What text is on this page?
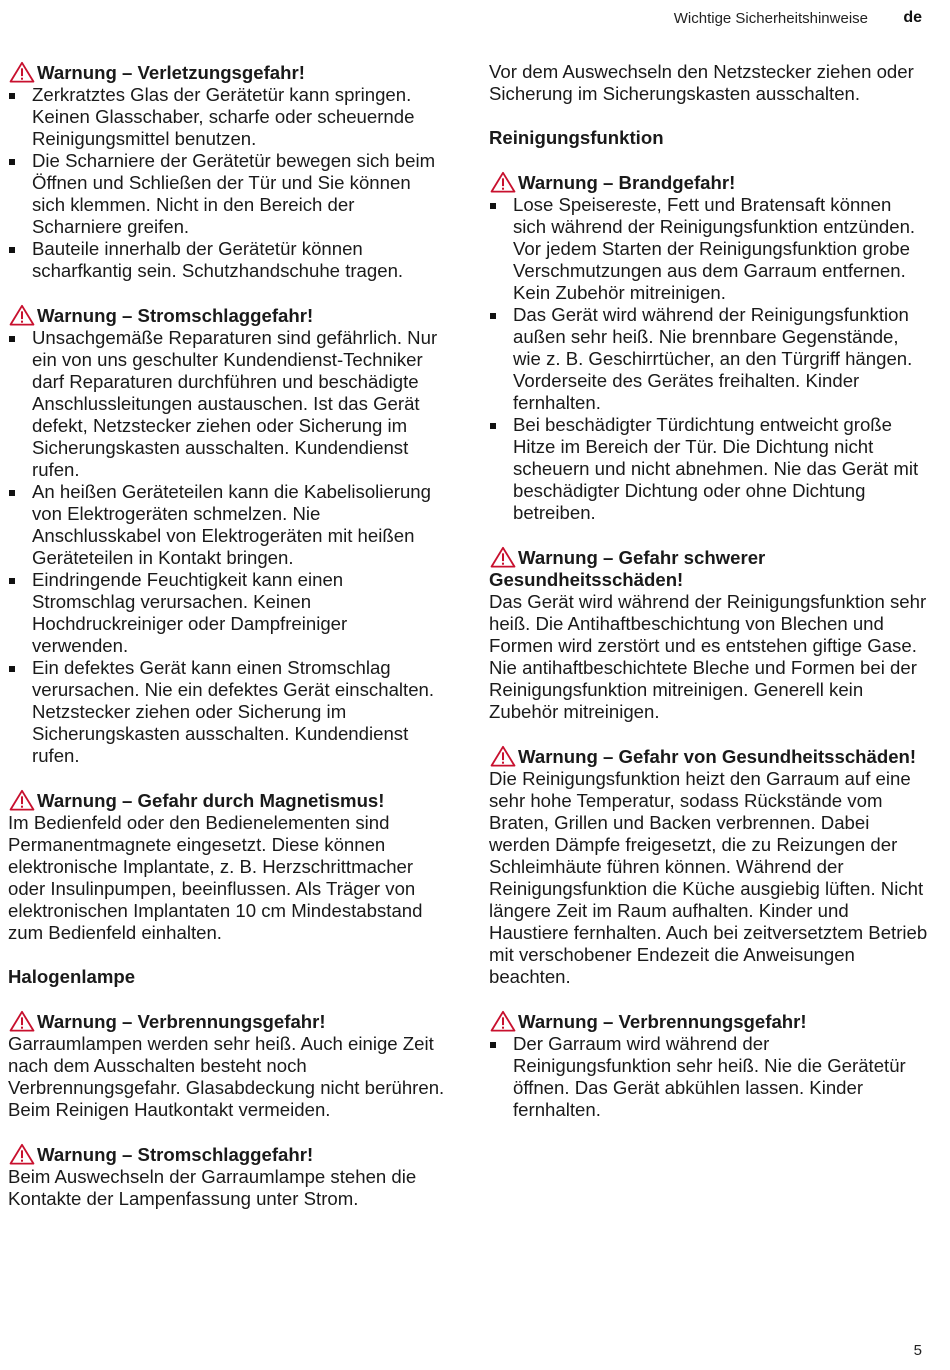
Wichtige Sicherheitshinweise de
Warnung – Verletzungsgefahr!
Zerkratztes Glas der Gerätetür kann springen. Keinen Glasschaber, scharfe oder scheuernde Reinigungsmittel benutzen.
Die Scharniere der Gerätetür bewegen sich beim Öffnen und Schließen der Tür und Sie können sich klemmen. Nicht in den Bereich der Scharniere greifen.
Bauteile innerhalb der Gerätetür können scharfkantig sein. Schutzhandschuhe tragen.
Warnung – Stromschlaggefahr!
Unsachgemäße Reparaturen sind gefährlich. Nur ein von uns geschulter Kundendienst-Techniker darf Reparaturen durchführen und beschädigte Anschlussleitungen austauschen. Ist das Gerät defekt, Netzstecker ziehen oder Sicherung im Sicherungskasten ausschalten. Kundendienst rufen.
An heißen Geräteteilen kann die Kabelisolierung von Elektrogeräten schmelzen. Nie Anschlusskabel von Elektrogeräten mit heißen Geräteteilen in Kontakt bringen.
Eindringende Feuchtigkeit kann einen Stromschlag verursachen. Keinen Hochdruckreiniger oder Dampfreiniger verwenden.
Ein defektes Gerät kann einen Stromschlag verursachen. Nie ein defektes Gerät einschalten. Netzstecker ziehen oder Sicherung im Sicherungskasten ausschalten. Kundendienst rufen.
Warnung – Gefahr durch Magnetismus!

Im Bedienfeld oder den Bedienelementen sind Permanentmagnete eingesetzt. Diese können elektronische Implantate, z. B. Herzschrittmacher oder Insulinpumpen, beeinflussen. Als Träger von elektronischen Implantaten 10 cm Mindestabstand zum Bedienfeld einhalten.

Halogenlampe
Warnung – Verbrennungsgefahr!

Garraumlampen werden sehr heiß. Auch einige Zeit nach dem Ausschalten besteht noch Verbrennungsgefahr. Glasabdeckung nicht berühren. Beim Reinigen Hautkontakt vermeiden.

Warnung – Stromschlaggefahr!

Beim Auswechseln der Garraumlampe stehen die Kontakte der Lampenfassung unter Strom.

Vor dem Auswechseln den Netzstecker ziehen oder Sicherung im Sicherungskasten ausschalten.

Reinigungsfunktion
Warnung – Brandgefahr!
Lose Speisereste, Fett und Bratensaft können sich während der Reinigungsfunktion entzünden. Vor jedem Starten der Reinigungsfunktion grobe Verschmutzungen aus dem Garraum entfernen. Kein Zubehör mitreinigen.
Das Gerät wird während der Reinigungsfunktion außen sehr heiß. Nie brennbare Gegenstände, wie z. B. Geschirrtücher, an den Türgriff hängen. Vorderseite des Gerätes freihalten. Kinder fernhalten.
Bei beschädigter Türdichtung entweicht große Hitze im Bereich der Tür. Die Dichtung nicht scheuern und nicht abnehmen. Nie das Gerät mit beschädigter Dichtung oder ohne Dichtung betreiben.
Warnung – Gefahr schwerer Gesundheitsschäden!

Das Gerät wird während der Reinigungsfunktion sehr heiß. Die Antihaftbeschichtung von Blechen und Formen wird zerstört und es entstehen giftige Gase. Nie antihaftbeschichtete Bleche und Formen bei der Reinigungsfunktion mitreinigen. Generell kein Zubehör mitreinigen.

Warnung – Gefahr von Gesundheitsschäden!

Die Reinigungsfunktion heizt den Garraum auf eine sehr hohe Temperatur, sodass Rückstände vom Braten, Grillen und Backen verbrennen. Dabei werden Dämpfe freigesetzt, die zu Reizungen der Schleimhäute führen können. Während der Reinigungsfunktion die Küche ausgiebig lüften. Nicht längere Zeit im Raum aufhalten. Kinder und Haustiere fernhalten. Auch bei zeitversetztem Betrieb mit verschobener Endezeit die Anweisungen beachten.

Warnung – Verbrennungsgefahr!
Der Garraum wird während der Reinigungsfunktion sehr heiß. Nie die Gerätetür öffnen. Das Gerät abkühlen lassen. Kinder fernhalten.
5
